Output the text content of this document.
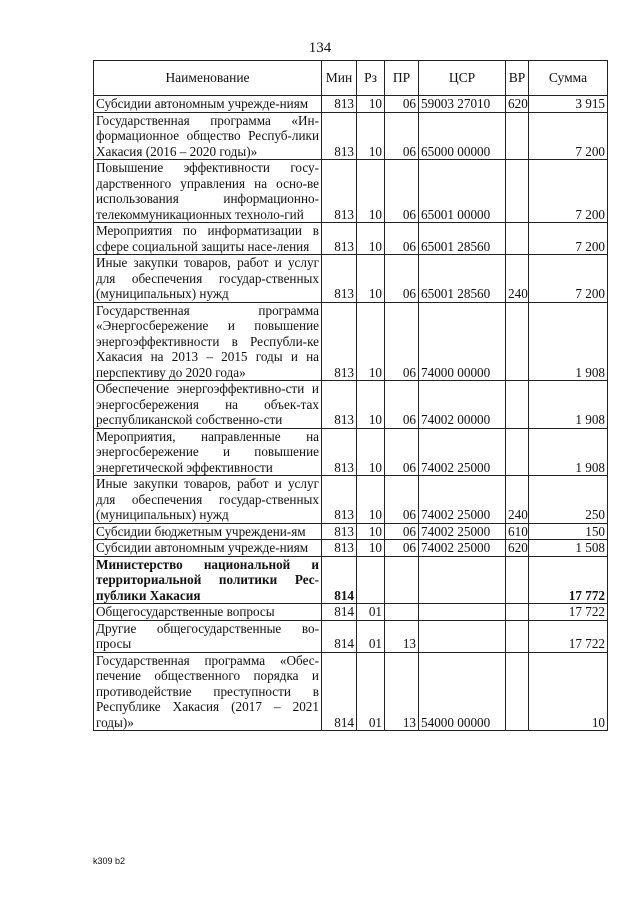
134
Наименование	Мин	Рз	ПР	ЦСР	ВР	Сумма
Субсидии автономным учрежде-ниям	813	10	06	59003 27010	620	3 915
Государственная программа «Ин-формационное общество Респуб-лики Хакасия (2016 – 2020 годы)»	813	10	06	65000 00000		7 200
Повышение эффективности госу-дарственного управления на осно-ве использования информационно-телекоммуникационных техноло-гий	813	10	06	65001 00000		7 200
Мероприятия по информатизации в сфере социальной защиты насе-ления	813	10	06	65001 28560		7 200
Иные закупки товаров, работ и услуг для обеспечения государ-ственных (муниципальных) нужд	813	10	06	65001 28560	240	7 200
Государственная программа «Энергосбережение и повышение энергоэффективности в Республи-ке Хакасия на 2013 – 2015 годы и на перспективу до 2020 года»	813	10	06	74000 00000		1 908
Обеспечение энергоэффективно-сти и энергосбережения на объек-тах республиканской собственно-сти	813	10	06	74002 00000		1 908
Мероприятия, направленные на энергосбережение и повышение энергетической эффективности	813	10	06	74002 25000		1 908
Иные закупки товаров, работ и услуг для обеспечения государ-ственных (муниципальных) нужд	813	10	06	74002 25000	240	250
Субсидии бюджетным учреждени-ям	813	10	06	74002 25000	610	150
Субсидии автономным учрежде-ниям	813	10	06	74002 25000	620	1 508
Министерство национальной и территориальной политики Рес-публики Хакасия	814					17 772
Общегосударственные вопросы	814	01				17 722
Другие общегосударственные во-просы	814	01	13			17 722
Государственная программа «Обес-печение общественного порядка и противодействие преступности в Республике Хакасия (2017 – 2021 годы)»	814	01	13	54000 00000		10
k309 b2
